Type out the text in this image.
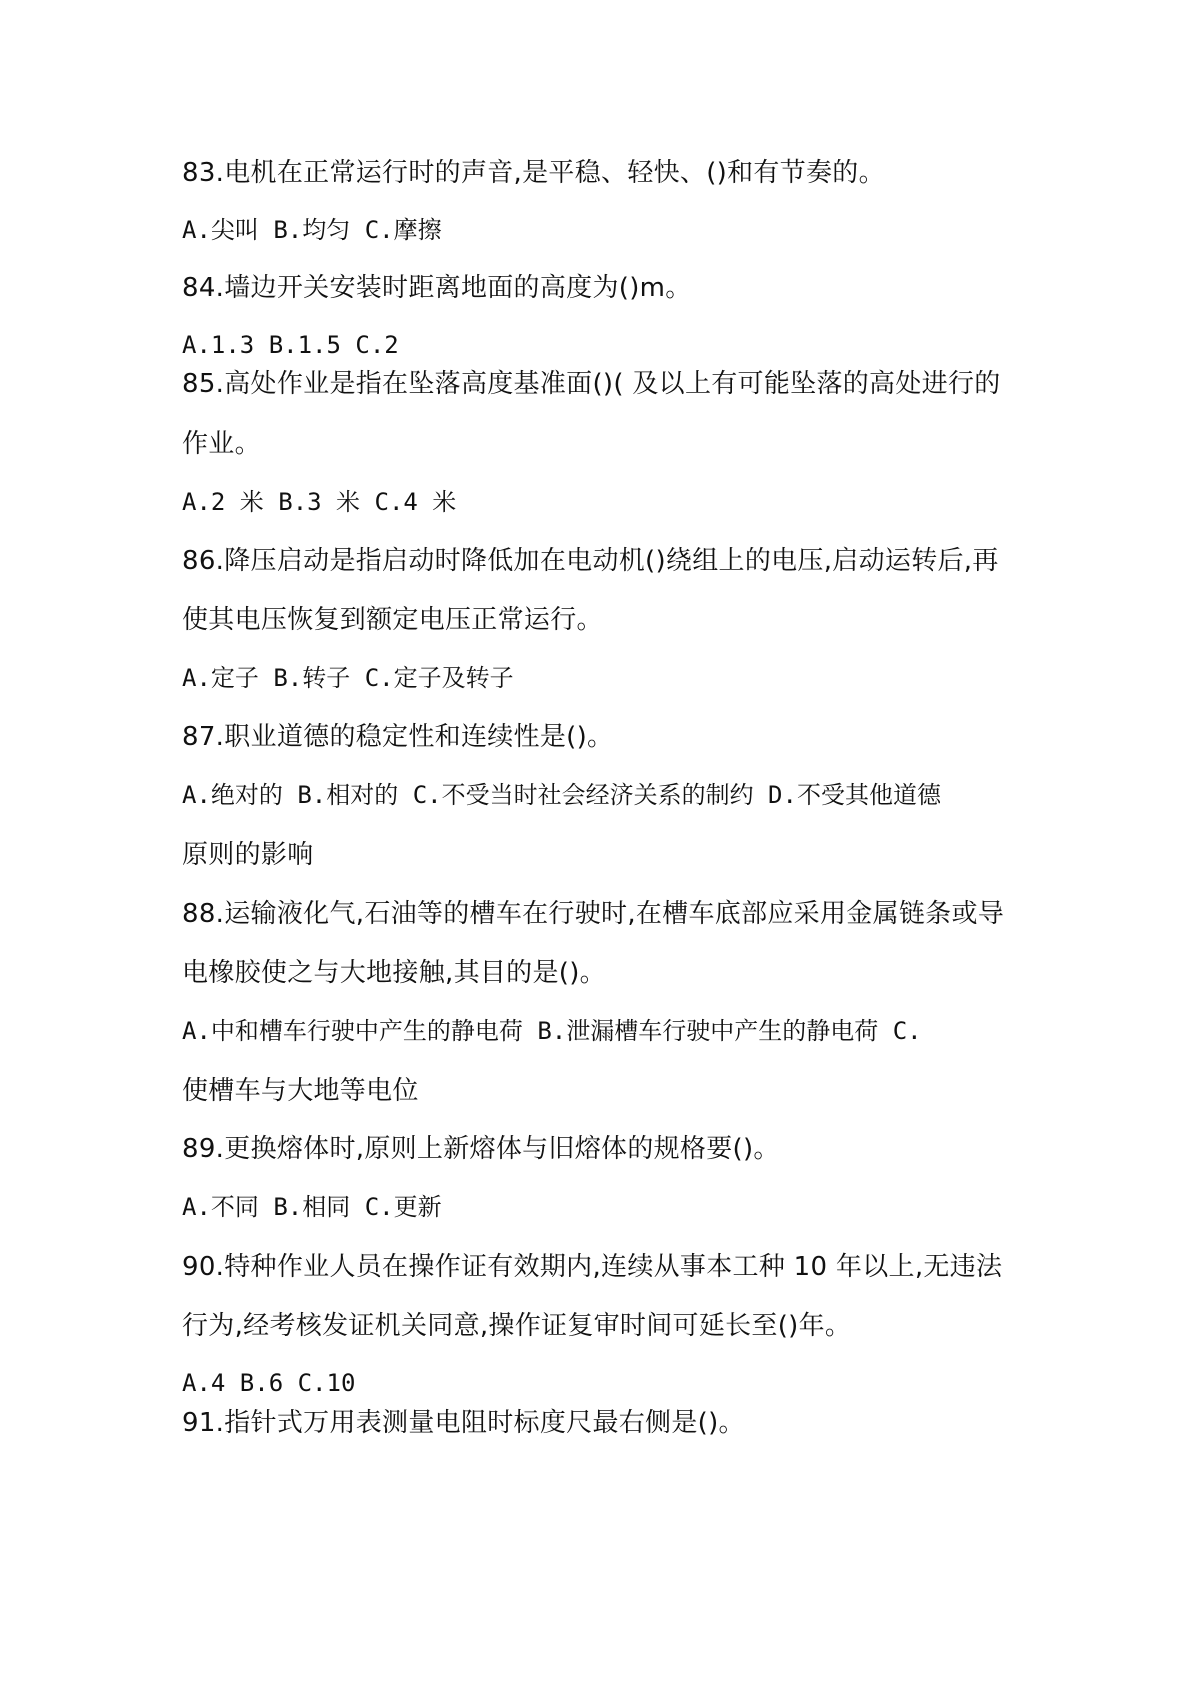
83.电机在正常运行时的声音,是平稳、轻快、()和有节奏的。
A.尖叫 B.均匀 C.摩擦
84.墙边开关安装时距离地面的高度为()m。
A.1.3 B.1.5 C.2
85.高处作业是指在坠落高度基准面()( 及以上有可能坠落的高处进行的
作业。
A.2 米 B.3 米 C.4 米
86.降压启动是指启动时降低加在电动机()绕组上的电压,启动运转后,再
使其电压恢复到额定电压正常运行。
A.定子 B.转子 C.定子及转子
87.职业道德的稳定性和连续性是()。
A.绝对的 B.相对的 C.不受当时社会经济关系的制约 D.不受其他道德
原则的影响
88.运输液化气,石油等的槽车在行驶时,在槽车底部应采用金属链条或导
电橡胶使之与大地接触,其目的是()。
A.中和槽车行驶中产生的静电荷 B.泄漏槽车行驶中产生的静电荷 C.
使槽车与大地等电位
89.更换熔体时,原则上新熔体与旧熔体的规格要()。
A.不同 B.相同 C.更新
90.特种作业人员在操作证有效期内,连续从事本工种 10 年以上,无违法
行为,经考核发证机关同意,操作证复审时间可延长至()年。
A.4 B.6 C.10
91.指针式万用表测量电阻时标度尺最右侧是()。
